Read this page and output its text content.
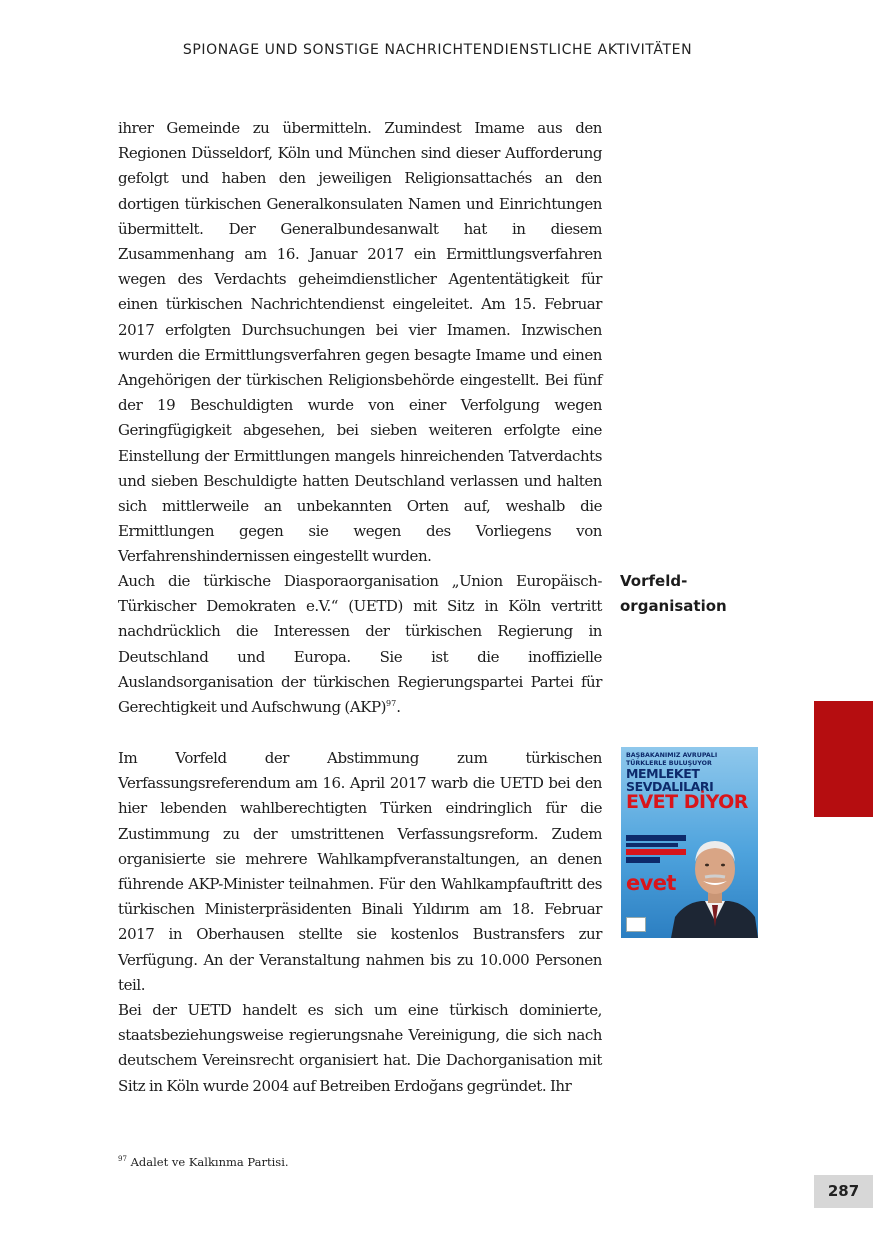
SPIONAGE UND SONSTIGE NACHRICHTENDIENSTLICHE AKTIVITÄTEN

ihrer Gemeinde zu übermitteln. Zumindest Imame aus den Regionen Düsseldorf, Köln und München sind dieser Aufforderung gefolgt und haben den jeweiligen Religionsattachés an den dortigen türkischen Generalkonsulaten Namen und Einrichtungen übermittelt. Der Generalbundesanwalt hat in diesem Zusammenhang am 16. Januar 2017 ein Ermittlungsverfahren wegen des Verdachts geheimdienstlicher Agententätigkeit für einen türkischen Nachrichtendienst eingeleitet. Am 15. Februar 2017 erfolgten Durchsuchungen bei vier Imamen. Inzwischen wurden die Ermittlungsverfahren gegen besagte Imame und einen Angehörigen der türkischen Religionsbehörde eingestellt. Bei fünf der 19 Beschuldigten wurde von einer Verfolgung wegen Geringfügigkeit abgesehen, bei sieben weiteren erfolgte eine Einstellung der Ermittlungen mangels hinreichenden Tatverdachts und sieben Beschuldigte hatten Deutschland verlassen und halten sich mittlerweile an unbekannten Orten auf, weshalb die Ermittlungen gegen sie wegen des Vorliegens von Verfahrenshindernissen eingestellt wurden.

Auch die türkische Diasporaorganisation „Union Europäisch-Türkischer Demokraten e.V.“ (UETD) mit Sitz in Köln vertritt nachdrücklich die Interessen der türkischen Regierung in Deutschland und Europa. Sie ist die inoffizielle Auslandsorganisation der türkischen Regierungspartei Partei für Gerechtigkeit und Aufschwung (AKP)$^{97}$.

Vorfeld-
organisation

Im Vorfeld der Abstimmung zum türkischen Verfassungsreferendum am 16. April 2017 warb die UETD bei den hier lebenden wahlberechtigten Türken eindringlich für die Zustimmung zu der umstrittenen Verfassungsreform. Zudem organisierte sie mehrere Wahlkampfveranstaltungen, an denen führende AKP-Minister teilnahmen. Für den Wahlkampfauftritt des türkischen Ministerpräsidenten Binali Yıldırım am 18. Februar 2017 in Oberhausen stellte sie kostenlos Bustransfers zur Verfügung. An der Veranstaltung nahmen bis zu 10.000 Personen teil.

BAŞBAKANIMIZ AVRUPALI TÜRKLERLE BULUŞUYOR
MEMLEKET SEVDALILARI
EVET DİYOR
evet

Bei der UETD handelt es sich um eine türkisch dominierte, staatsbeziehungsweise regierungsnahe Vereinigung, die sich nach deutschem Vereinsrecht organisiert hat. Die Dachorganisation mit Sitz in Köln wurde 2004 auf Betreiben Erdoğans gegründet. Ihr

$^{97}$ Adalet ve Kalkınma Partisi.
287
